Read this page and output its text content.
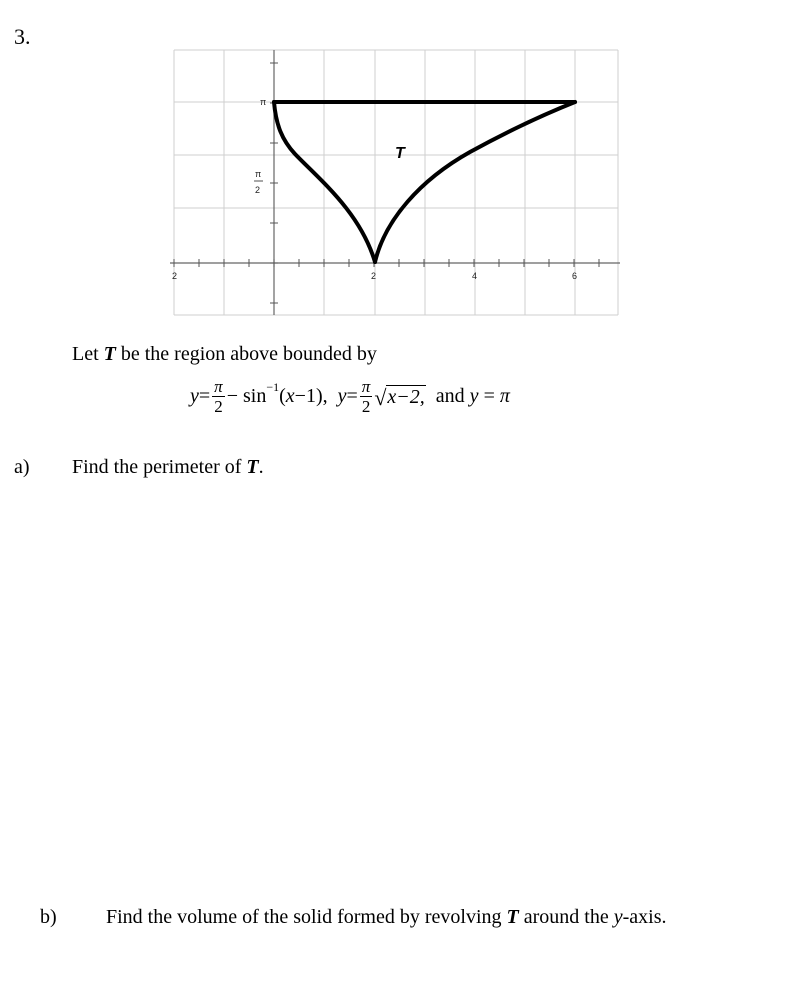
3.
π
π
2
2	2	4	6
T
Let T be the region above bounded by
$y = \frac{\pi}{2} - \sin -1$ ( x −1),
$y = \frac{\pi}{2}$ √ x−2,
and
y = π
a) Find the perimeter of T.
b) Find the volume of the solid formed by revolving T around the y-axis.
